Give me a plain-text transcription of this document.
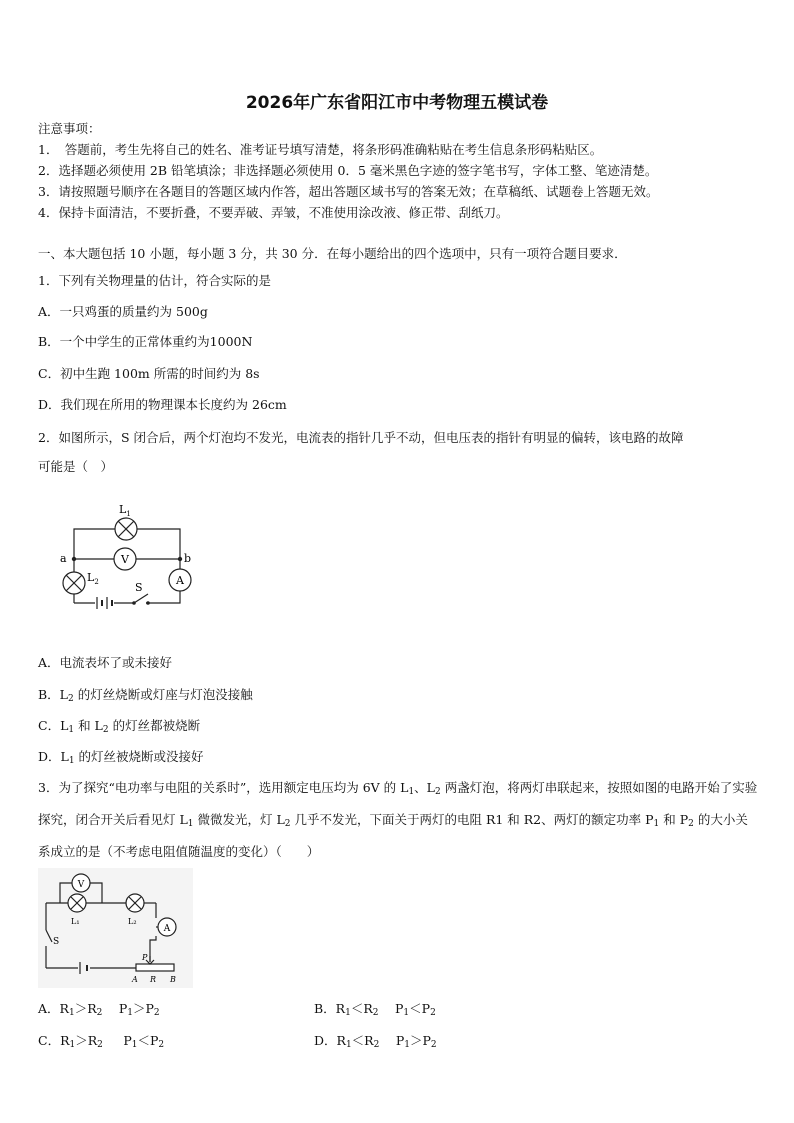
2026年广东省阳江市中考物理五模试卷
注意事项：
1．　答题前，考生先将自己的姓名、准考证号填写清楚，将条形码准确粘贴在考生信息条形码粘贴区。
2．选择题必须使用 2B 铅笔填涂；非选择题必须使用 0．5 毫米黑色字迹的签字笔书写，字体工整、笔迹清楚。
3．请按照题号顺序在各题目的答题区域内作答，超出答题区域书写的答案无效；在草稿纸、试题卷上答题无效。
4．保持卡面清洁，不要折叠，不要弄破、弄皱，不准使用涂改液、修正带、刮纸刀。
一、本大题包括 10 小题，每小题 3 分，共 30 分．在每小题给出的四个选项中，只有一项符合题目要求．
1．下列有关物理量的估计，符合实际的是
A．一只鸡蛋的质量约为 500g
B．一个中学生的正常体重约为1000N
C．初中生跑 100m 所需的时间约为 8s
D．我们现在所用的物理课本长度约为 26cm
2．如图所示，S 闭合后，两个灯泡均不发光，电流表的指针几乎不动，但电压表的指针有明显的偏转，该电路的故障
可能是（　）
V
A
$L_1$
$L_2$	S
a	b
A．电流表坏了或未接好
B．$L_2$ 的灯丝烧断或灯座与灯泡没接触
C．$L_1$ 和 $L_2$ 的灯丝都被烧断
D．$L_1$ 的灯丝被烧断或没接好
3．为了探究“电功率与电阻的关系时”，选用额定电压均为 6V 的 $L_1$、$L_2$ 两盏灯泡，将两灯串联起来，按照如图的电路开始了实验探究，闭合开关后看见灯 $L_1$ 微微发光，灯 $L_2$ 几乎不发光，下面关于两灯的电阻 R1 和 R2、两灯的额定功率 $P_1$ 和 $P_2$ 的大小关系成立的是（不考虑电阻值随温度的变化）（　　）
V
A
L₁	L₂
S
P
A R B
A．$R_1>R_2$　 $P_1>P_2$	B．$R_1<R_2$　 $P_1<P_2$
C．$R_1>R_2$　 $P_1<P_2$	D．$R_1<R_2$　 $P_1>P_2$
